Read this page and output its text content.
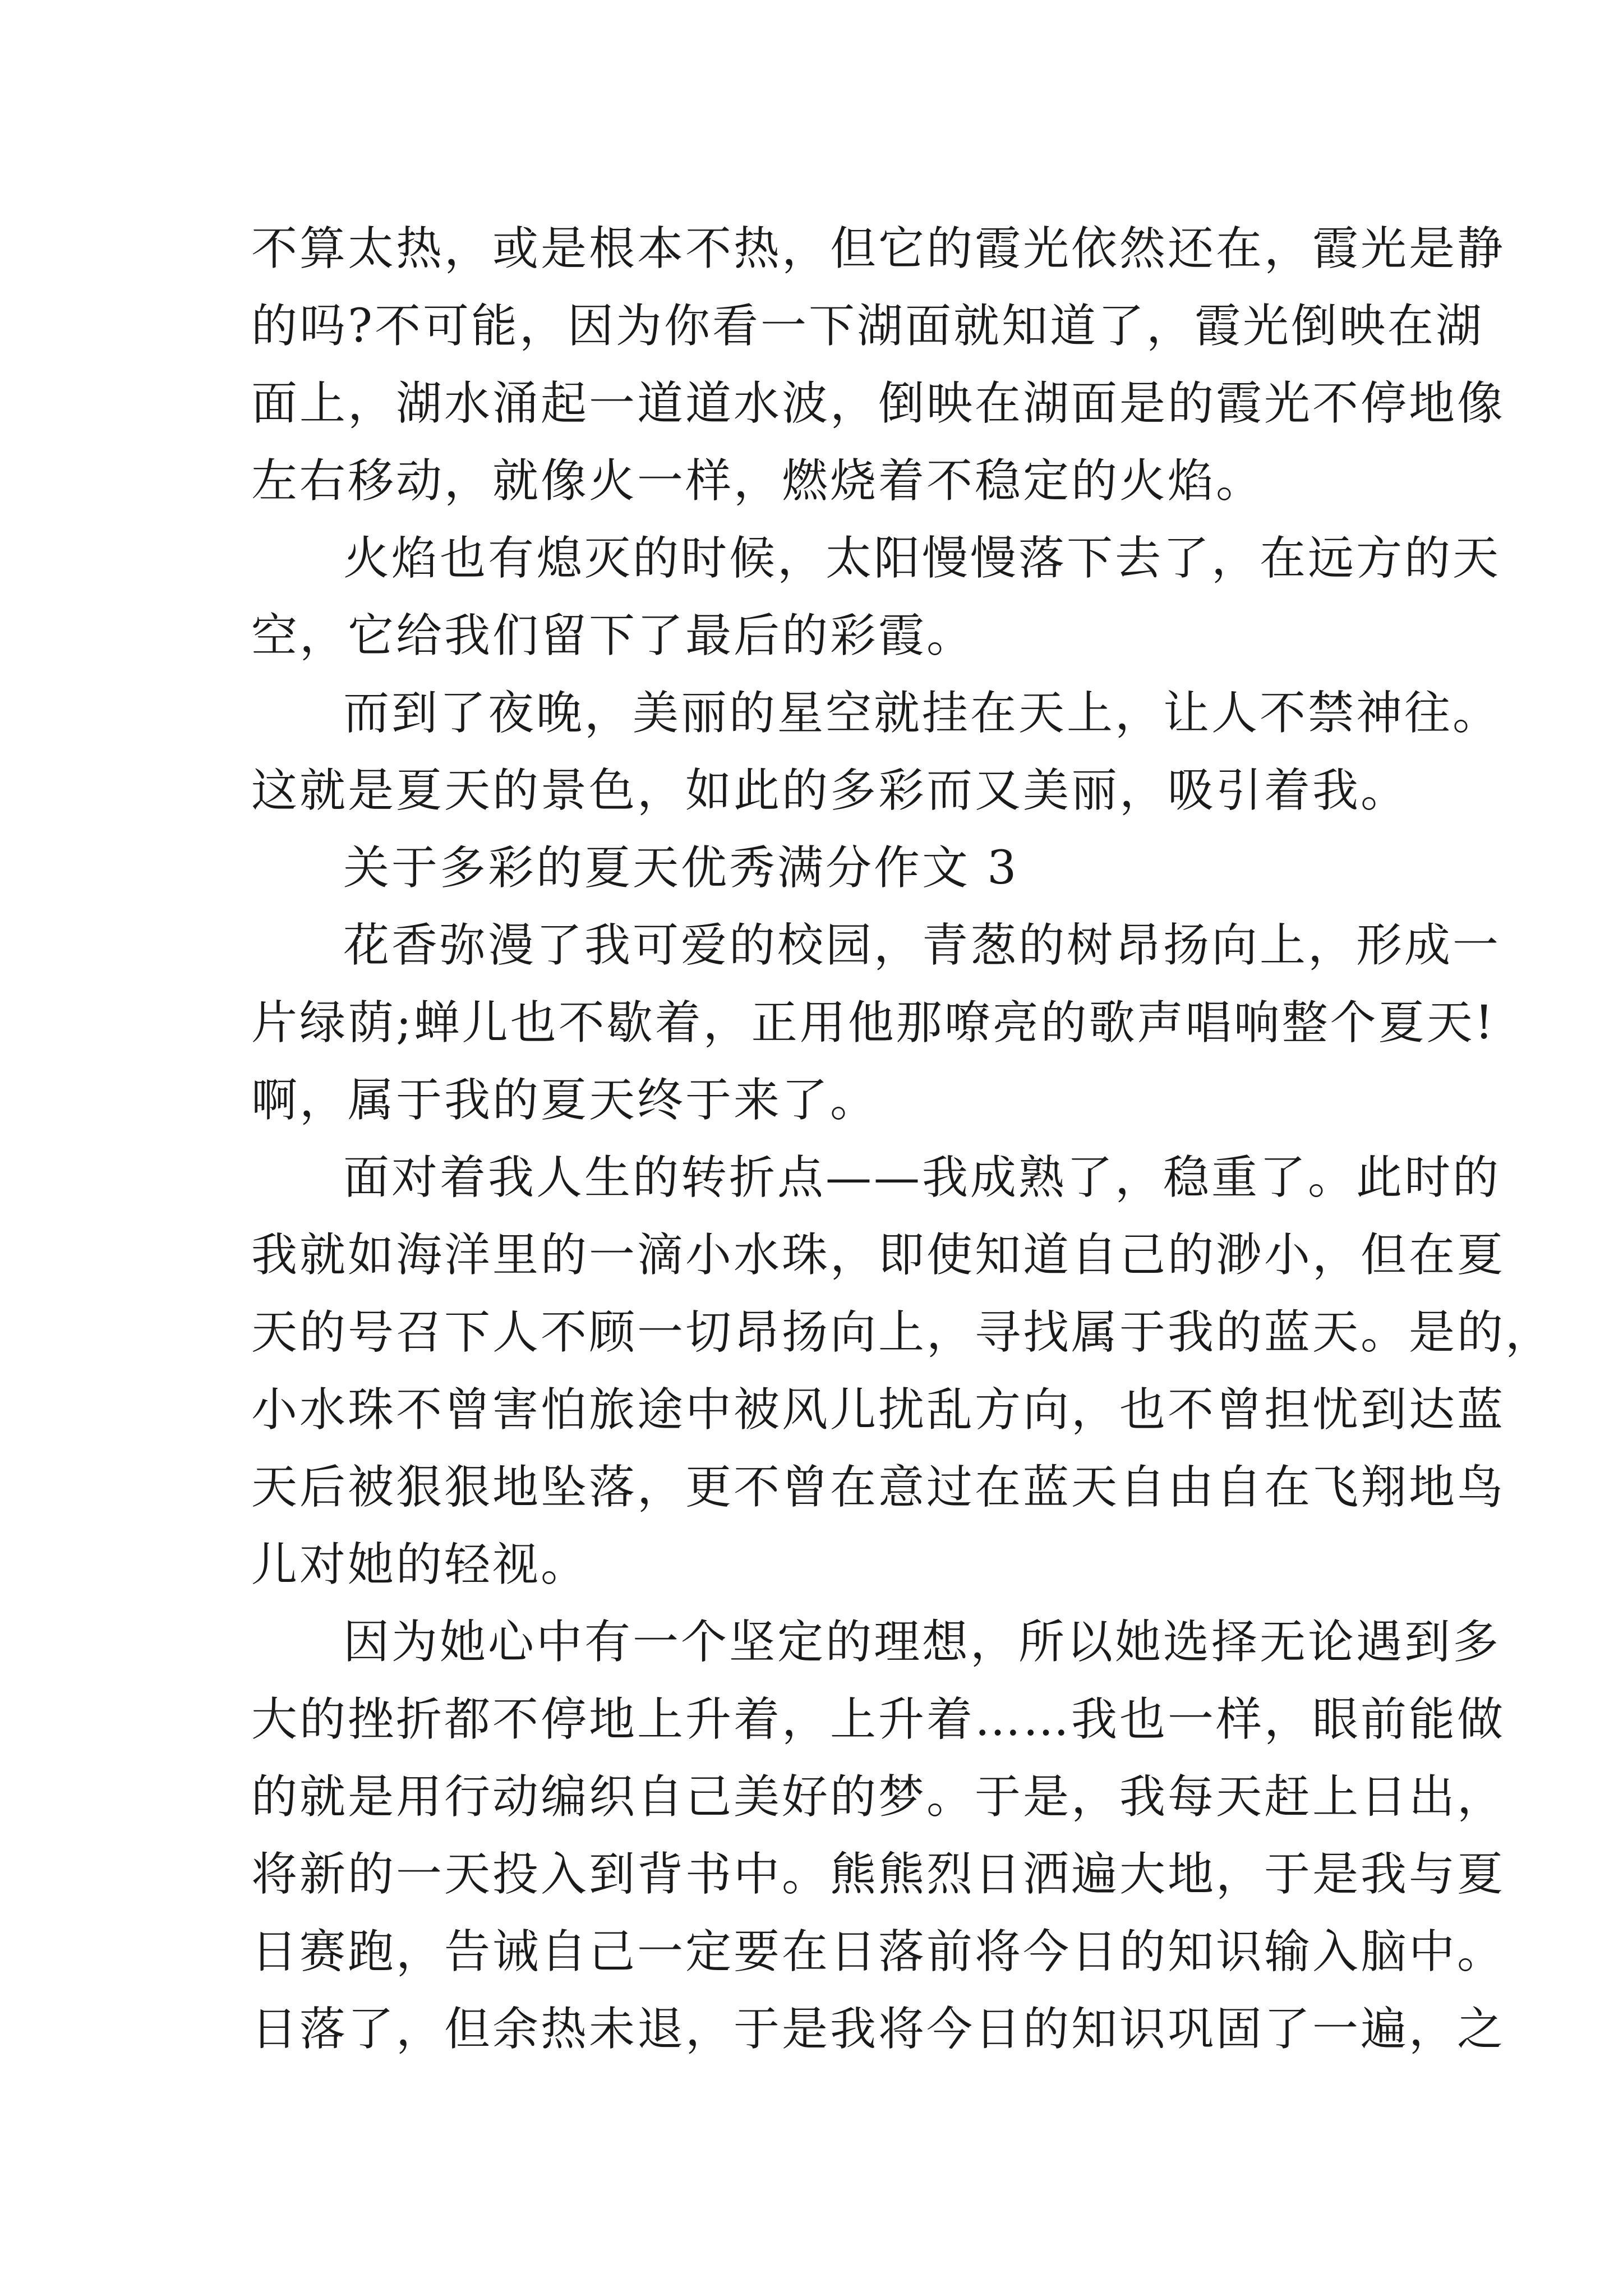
不算太热，或是根本不热，但它的霞光依然还在，霞光是静
的吗?不可能，因为你看一下湖面就知道了，霞光倒映在湖
面上，湖水涌起一道道水波，倒映在湖面是的霞光不停地像
左右移动，就像火一样，燃烧着不稳定的火焰。
火焰也有熄灭的时候，太阳慢慢落下去了，在远方的天
空，它给我们留下了最后的彩霞。
而到了夜晚，美丽的星空就挂在天上，让人不禁神往。
这就是夏天的景色，如此的多彩而又美丽，吸引着我。
关于多彩的夏天优秀满分作文 3
花香弥漫了我可爱的校园，青葱的树昂扬向上，形成一
片绿荫;蝉儿也不歇着，正用他那嘹亮的歌声唱响整个夏天!
啊，属于我的夏天终于来了。
面对着我人生的转折点——我成熟了，稳重了。此时的
我就如海洋里的一滴小水珠，即使知道自己的渺小，但在夏
天的号召下人不顾一切昂扬向上，寻找属于我的蓝天。是的，
小水珠不曾害怕旅途中被风儿扰乱方向，也不曾担忧到达蓝
天后被狠狠地坠落，更不曾在意过在蓝天自由自在飞翔地鸟
儿对她的轻视。
因为她心中有一个坚定的理想，所以她选择无论遇到多
大的挫折都不停地上升着，上升着……我也一样，眼前能做
的就是用行动编织自己美好的梦。于是，我每天赶上日出，
将新的一天投入到背书中。熊熊烈日洒遍大地，于是我与夏
日赛跑，告诫自己一定要在日落前将今日的知识输入脑中。
日落了，但余热未退，于是我将今日的知识巩固了一遍，之
